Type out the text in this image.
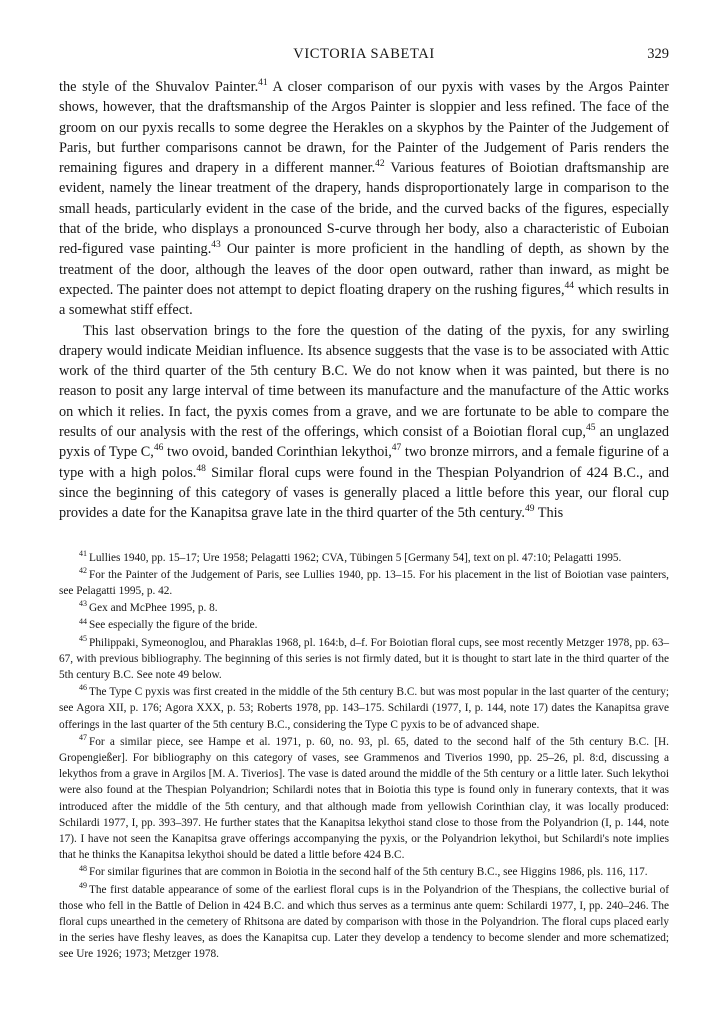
VICTORIA SABETAI	329

the style of the Shuvalov Painter.$^{41}$ A closer comparison of our pyxis with vases by the Argos Painter shows, however, that the draftsmanship of the Argos Painter is sloppier and less refined. The face of the groom on our pyxis recalls to some degree the Herakles on a skyphos by the Painter of the Judgement of Paris, but further comparisons cannot be drawn, for the Painter of the Judgement of Paris renders the remaining figures and drapery in a different manner.$^{42}$ Various features of Boiotian draftsmanship are evident, namely the linear treatment of the drapery, hands disproportionately large in comparison to the small heads, particularly evident in the case of the bride, and the curved backs of the figures, especially that of the bride, who displays a pronounced S-curve through her body, also a characteristic of Euboian red-figured vase painting.$^{43}$ Our painter is more proficient in the handling of depth, as shown by the treatment of the door, although the leaves of the door open outward, rather than inward, as might be expected. The painter does not attempt to depict floating drapery on the rushing figures,$^{44}$ which results in a somewhat stiff effect.

This last observation brings to the fore the question of the dating of the pyxis, for any swirling drapery would indicate Meidian influence. Its absence suggests that the vase is to be associated with Attic work of the third quarter of the 5th century B.C. We do not know when it was painted, but there is no reason to posit any large interval of time between its manufacture and the manufacture of the Attic works on which it relies. In fact, the pyxis comes from a grave, and we are fortunate to be able to compare the results of our analysis with the rest of the offerings, which consist of a Boiotian floral cup,$^{45}$ an unglazed pyxis of Type C,$^{46}$ two ovoid, banded Corinthian lekythoi,$^{47}$ two bronze mirrors, and a female figurine of a type with a high polos.$^{48}$ Similar floral cups were found in the Thespian Polyandrion of 424 B.C., and since the beginning of this category of vases is generally placed a little before this year, our floral cup provides a date for the Kanapitsa grave late in the third quarter of the 5th century.$^{49}$ This

$^{41}$ Lullies 1940, pp. 15–17; Ure 1958; Pelagatti 1962; CVA, Tübingen 5 [Germany 54], text on pl. 47:10; Pelagatti 1995.

$^{42}$ For the Painter of the Judgement of Paris, see Lullies 1940, pp. 13–15. For his placement in the list of Boiotian vase painters, see Pelagatti 1995, p. 42.

$^{43}$ Gex and McPhee 1995, p. 8.

$^{44}$ See especially the figure of the bride.

$^{45}$ Philippaki, Symeonoglou, and Pharaklas 1968, pl. 164:b, d–f. For Boiotian floral cups, see most recently Metzger 1978, pp. 63–67, with previous bibliography. The beginning of this series is not firmly dated, but it is thought to start late in the third quarter of the 5th century B.C. See note 49 below.

$^{46}$ The Type C pyxis was first created in the middle of the 5th century B.C. but was most popular in the last quarter of the century; see Agora XII, p. 176; Agora XXX, p. 53; Roberts 1978, pp. 143–175. Schilardi (1977, I, p. 144, note 17) dates the Kanapitsa grave offerings in the last quarter of the 5th century B.C., considering the Type C pyxis to be of advanced shape.

$^{47}$ For a similar piece, see Hampe et al. 1971, p. 60, no. 93, pl. 65, dated to the second half of the 5th century B.C. [H. Gropengießer]. For bibliography on this category of vases, see Grammenos and Tiverios 1990, pp. 25–26, pl. 8:d, discussing a lekythos from a grave in Argilos [M. A. Tiverios]. The vase is dated around the middle of the 5th century or a little later. Such lekythoi were also found at the Thespian Polyandrion; Schilardi notes that in Boiotia this type is found only in funerary contexts, that it was introduced after the middle of the 5th century, and that although made from yellowish Corinthian clay, it was locally produced: Schilardi 1977, I, pp. 393–397. He further states that the Kanapitsa lekythoi stand close to those from the Polyandrion (I, p. 144, note 17). I have not seen the Kanapitsa grave offerings accompanying the pyxis, or the Polyandrion lekythoi, but Schilardi's note implies that he thinks the Kanapitsa lekythoi should be dated a little before 424 B.C.

$^{48}$ For similar figurines that are common in Boiotia in the second half of the 5th century B.C., see Higgins 1986, pls. 116, 117.

$^{49}$ The first datable appearance of some of the earliest floral cups is in the Polyandrion of the Thespians, the collective burial of those who fell in the Battle of Delion in 424 B.C. and which thus serves as a terminus ante quem: Schilardi 1977, I, pp. 240–246. The floral cups unearthed in the cemetery of Rhitsona are dated by comparison with those in the Polyandrion. The floral cups placed early in the series have fleshy leaves, as does the Kanapitsa cup. Later they develop a tendency to become slender and more schematized; see Ure 1926; 1973; Metzger 1978.
